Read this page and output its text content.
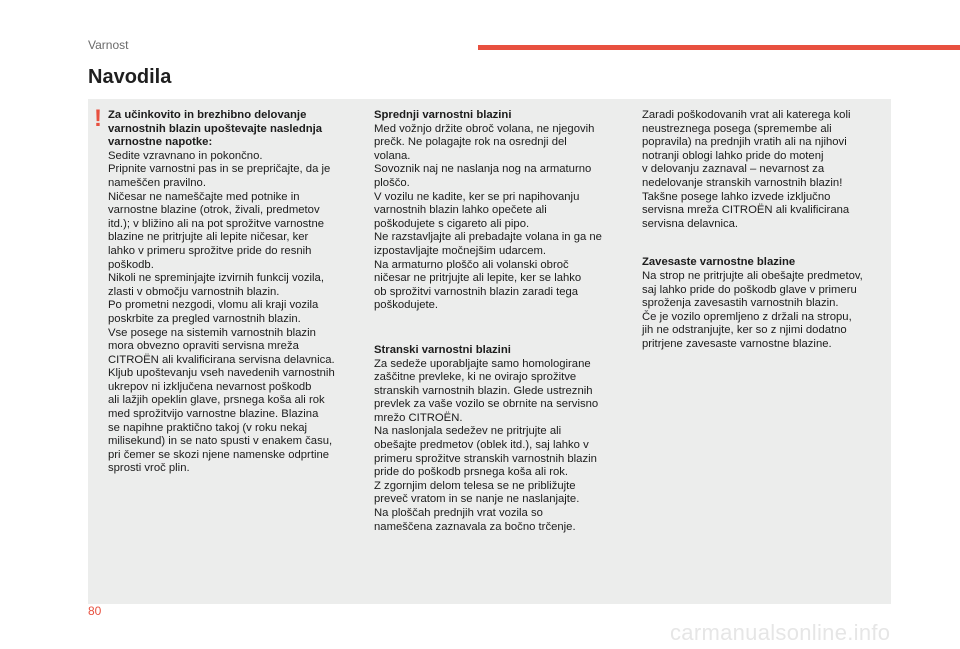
Varnost
Navodila
! Za učinkovito in brezhibno delovanje
varnostnih blazin upoštevajte naslednja
varnostne napotke:
Sedite vzravnano in pokončno.
Pripnite varnostni pas in se prepričajte, da je
nameščen pravilno.
Ničesar ne nameščajte med potnike in
varnostne blazine (otrok, živali, predmetov
itd.); v bližino ali na pot sprožitve varnostne
blazine ne pritrjujte ali lepite ničesar, ker
lahko v primeru sprožitve pride do resnih
poškodb.
Nikoli ne spreminjajte izvirnih funkcij vozila,
zlasti v območju varnostnih blazin.
Po prometni nezgodi, vlomu ali kraji vozila
poskrbite za pregled varnostnih blazin.
Vse posege na sistemih varnostnih blazin
mora obvezno opraviti servisna mreža
CITROËN ali kvalificirana servisna delavnica.
Kljub upoštevanju vseh navedenih varnostnih
ukrepov ni izključena nevarnost poškodb
ali lažjih opeklin glave, prsnega koša ali rok
med sprožitvijo varnostne blazine. Blazina
se napihne praktično takoj (v roku nekaj
milisekund) in se nato spusti v enakem času,
pri čemer se skozi njene namenske odprtine
sprosti vroč plin.
Sprednji varnostni blazini
Med vožnjo držite obroč volana, ne njegovih
prečk. Ne polagajte rok na osrednji del
volana.
Sovoznik naj ne naslanja nog na armaturno
ploščo.
V vozilu ne kadite, ker se pri napihovanju
varnostnih blazin lahko opečete ali
poškodujete s cigareto ali pipo.
Ne razstavljajte ali prebadajte volana in ga ne
izpostavljajte močnejšim udarcem.
Na armaturno ploščo ali volanski obroč
ničesar ne pritrjujte ali lepite, ker se lahko
ob sprožitvi varnostnih blazin zaradi tega
poškodujete.
Stranski varnostni blazini
Za sedeže uporabljajte samo homologirane
zaščitne prevleke, ki ne ovirajo sprožitve
stranskih varnostnih blazin. Glede ustreznih
prevlek za vaše vozilo se obrnite na servisno
mrežo CITROËN.
Na naslonjala sedežev ne pritrjujte ali
obešajte predmetov (oblek itd.), saj lahko v
primeru sprožitve stranskih varnostnih blazin
pride do poškodb prsnega koša ali rok.
Z zgornjim delom telesa se ne približujte
preveč vratom in se nanje ne naslanjajte.
Na ploščah prednjih vrat vozila so
nameščena zaznavala za bočno trčenje.
Zaradi poškodovanih vrat ali katerega koli
neustreznega posega (spremembe ali
popravila) na prednjih vratih ali na njihovi
notranji oblogi lahko pride do motenj
v delovanju zaznaval – nevarnost za
nedelovanje stranskih varnostnih blazin!
Takšne posege lahko izvede izključno
servisna mreža CITROËN ali kvalificirana
servisna delavnica.
Zavesaste varnostne blazine
Na strop ne pritrjujte ali obešajte predmetov,
saj lahko pride do poškodb glave v primeru
sproženja zavesastih varnostnih blazin.
Če je vozilo opremljeno z držali na stropu,
jih ne odstranjujte, ker so z njimi dodatno
pritrjene zavesaste varnostne blazine.
80
carmanualsonline.info
